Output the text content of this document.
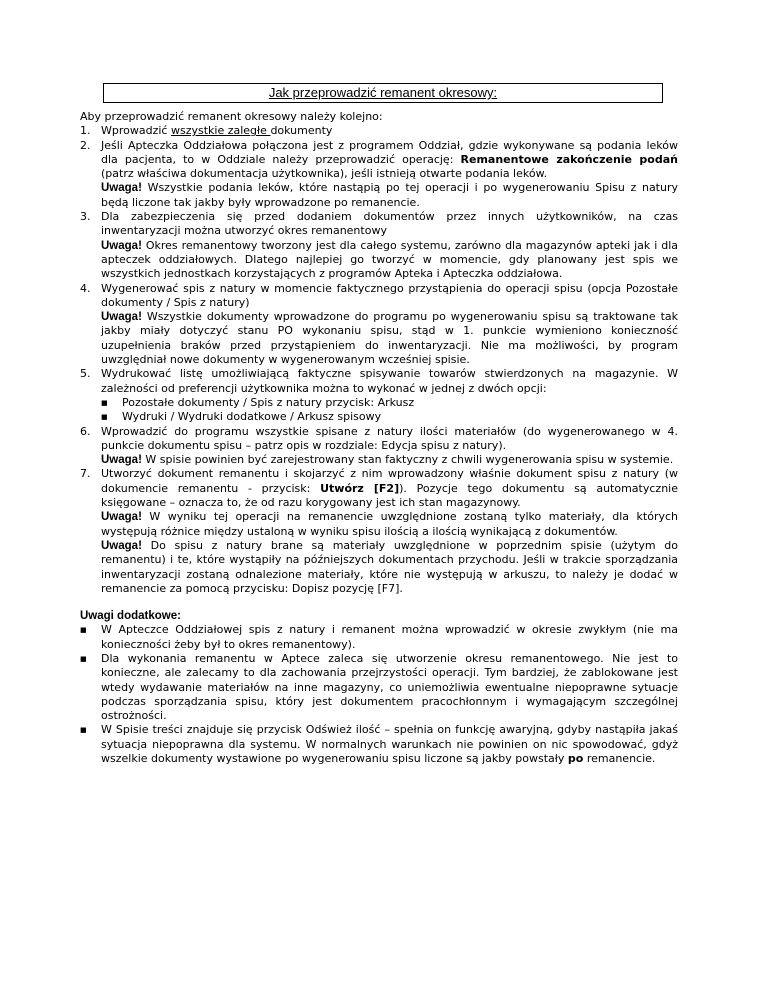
Jak przeprowadzić remanent okresowy:

Aby przeprowadzić remanent okresowy należy kolejno:

1. Wprowadzić wszystkie zaległe dokumenty
2. Jeśli Apteczka Oddziałowa połączona jest z programem Oddział, gdzie wykonywane są podania leków dla pacjenta, to w Oddziale należy przeprowadzić operację: Remanentowe zakończenie podań (patrz właściwa dokumentacja użytkownika), jeśli istnieją otwarte podania leków.

Uwaga! Wszystkie podania leków, które nastąpią po tej operacji i po wygenerowaniu Spisu z natury będą liczone tak jakby były wprowadzone po remanencie.

3. Dla zabezpieczenia się przed dodaniem dokumentów przez innych użytkowników, na czas inwentaryzacji można utworzyć okres remanentowy

Uwaga! Okres remanentowy tworzony jest dla całego systemu, zarówno dla magazynów apteki jak i dla apteczek oddziałowych. Dlatego najlepiej go tworzyć w momencie, gdy planowany jest spis we wszystkich jednostkach korzystających z programów Apteka i Apteczka oddziałowa.

4. Wygenerować spis z natury w momencie faktycznego przystąpienia do operacji spisu (opcja Pozostałe dokumenty / Spis z natury)

Uwaga! Wszystkie dokumenty wprowadzone do programu po wygenerowaniu spisu są traktowane tak jakby miały dotyczyć stanu PO wykonaniu spisu, stąd w 1. punkcie wymieniono konieczność uzupełnienia braków przed przystąpieniem do inwentaryzacji. Nie ma możliwości, by program uwzględniał nowe dokumenty w wygenerowanym wcześniej spisie.

5. Wydrukować listę umożliwiającą faktyczne spisywanie towarów stwierdzonych na magazynie. W zależności od preferencji użytkownika można to wykonać w jednej z dwóch opcji:

■	Pozostałe dokumenty / Spis z natury przycisk: Arkusz
■	Wydruki / Wydruki dodatkowe / Arkusz spisowy
6. Wprowadzić do programu wszystkie spisane z natury ilości materiałów (do wygenerowanego w 4. punkcie dokumentu spisu – patrz opis w rozdziale: Edycja spisu z natury).

Uwaga! W spisie powinien być zarejestrowany stan faktyczny z chwili wygenerowania spisu w systemie.

7. Utworzyć dokument remanentu i skojarzyć z nim wprowadzony właśnie dokument spisu z natury (w dokumencie remanentu - przycisk: Utwórz [F2]). Pozycje tego dokumentu są automatycznie księgowane – oznacza to, że od razu korygowany jest ich stan magazynowy.

Uwaga! W wyniku tej operacji na remanencie uwzględnione zostaną tylko materiały, dla których występują różnice między ustaloną w wyniku spisu ilością a ilością wynikającą z dokumentów.

Uwaga! Do spisu z natury brane są materiały uwzględnione w poprzednim spisie (użytym do remanentu) i te, które wystąpiły na późniejszych dokumentach przychodu. Jeśli w trakcie sporządzania inwentaryzacji zostaną odnalezione materiały, które nie występują w arkuszu, to należy je dodać w remanencie za pomocą przycisku: Dopisz pozycję [F7].

Uwagi dodatkowe:

■	W Apteczce Oddziałowej spis z natury i remanent można wprowadzić w okresie zwykłym (nie ma konieczności żeby był to okres remanentowy).
■	Dla wykonania remanentu w Aptece zaleca się utworzenie okresu remanentowego. Nie jest to konieczne, ale zalecamy to dla zachowania przejrzystości operacji. Tym bardziej, że zablokowane jest wtedy wydawanie materiałów na inne magazyny, co uniemożliwia ewentualne niepoprawne sytuacje podczas sporządzania spisu, który jest dokumentem pracochłonnym i wymagającym szczególnej ostrożności.
■	W Spisie treści znajduje się przycisk Odśwież ilość – spełnia on funkcję awaryjną, gdyby nastąpiła jakaś sytuacja niepoprawna dla systemu. W normalnych warunkach nie powinien on nic spowodować, gdyż wszelkie dokumenty wystawione po wygenerowaniu spisu liczone są jakby powstały po remanencie.
